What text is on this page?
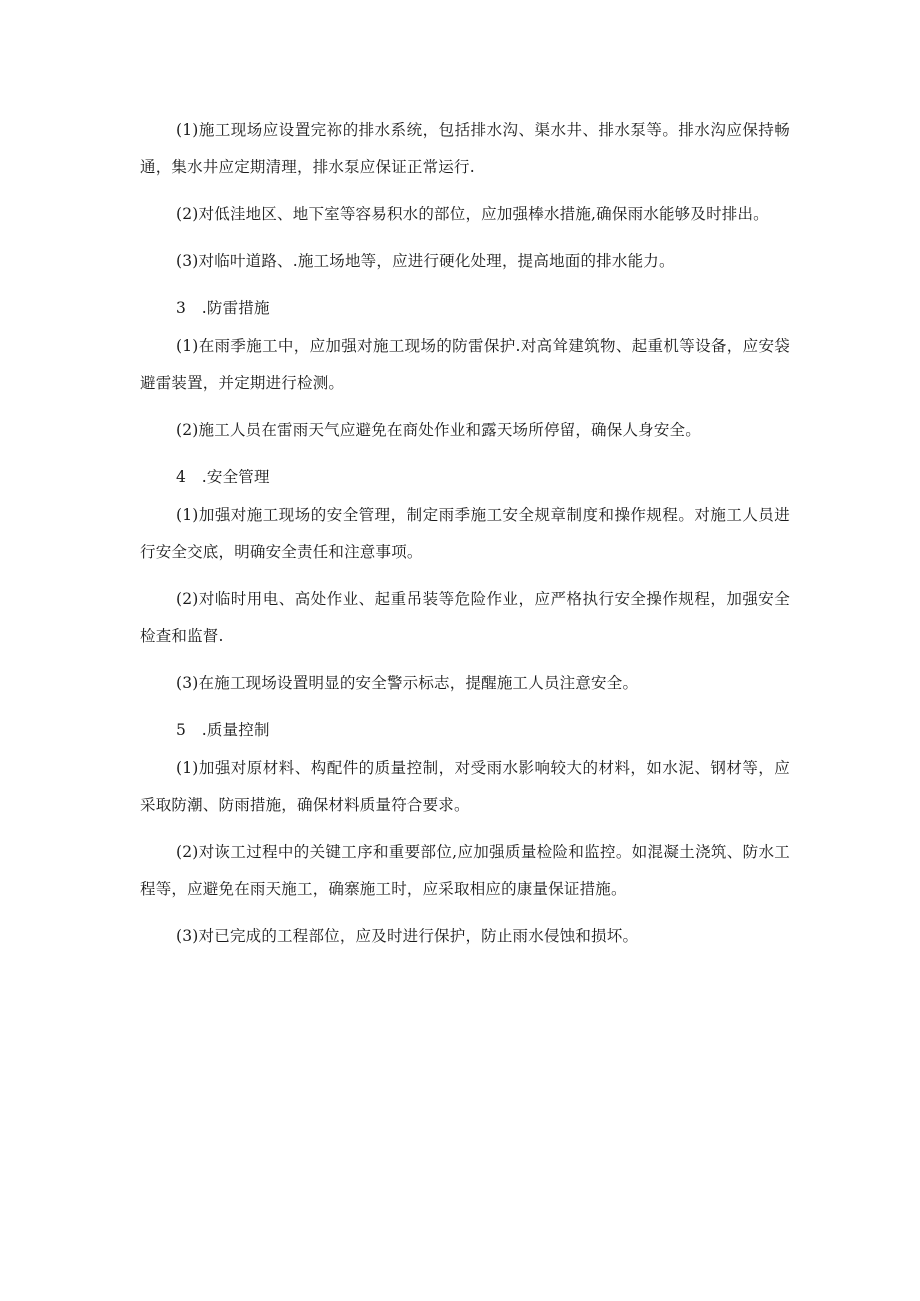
(1)施工现场应设置完祢的排水系统，包括排水沟、渠水井、排水泵等。排水沟应保持畅通，集水井应定期清理，排水泵应保证正常运行.

(2)对低洼地区、地下室等容易积水的部位，应加强棒水措施,确保雨水能够及时排出。

(3)对临叶道路、.施工场地等，应进行硬化处理，提高地面的排水能力。

3 .防雷措施

(1)在雨季施工中，应加强对施工现场的防雷保护.对高耸建筑物、起重机等设备，应安袋避雷装置，并定期进行检测。

(2)施工人员在雷雨天气应避免在商处作业和露天场所停留，确保人身安全。

4 .安全管理

(1)加强对施工现场的安全管理，制定雨季施工安全规章制度和操作规程。对施工人员进行安全交底，明确安全责任和注意事项。

(2)对临时用电、高处作业、起重吊装等危险作业，应严格执行安全操作规程，加强安全检查和监督.

(3)在施工现场设置明显的安全警示标志，提醒施工人员注意安全。

5 .质量控制

(1)加强对原材料、构配件的质量控制，对受雨水影响较大的材料，如水泥、钢材等，应采取防潮、防雨措施，确保材料质量符合要求。

(2)对诙工过程中的关键工序和重要部位,应加强质量检险和监控。如混凝土浇筑、防水工程等，应避免在雨天施工，确寨施工时，应采取相应的康量保证措施。

(3)对已完成的工程部位，应及时进行保护，防止雨水侵蚀和损坏。
